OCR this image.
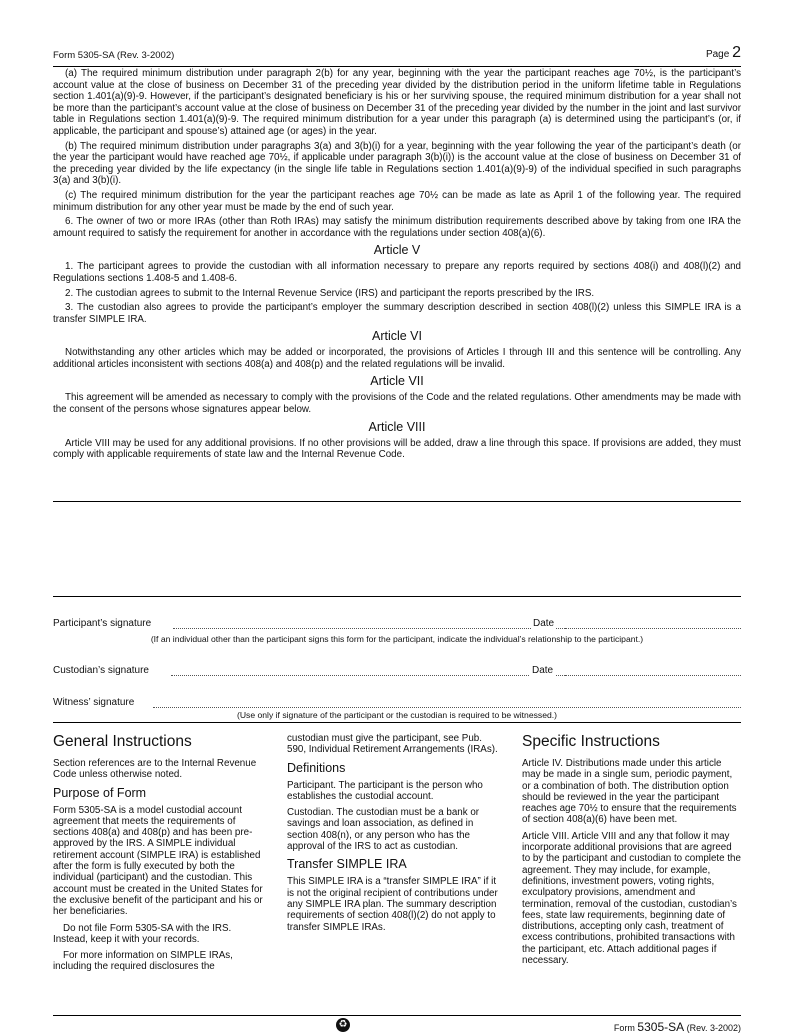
Form 5305-SA (Rev. 3-2002)	Page 2

(a) The required minimum distribution under paragraph 2(b) for any year, beginning with the year the participant reaches age 70½, is the participant’s account value at the close of business on December 31 of the preceding year divided by the distribution period in the uniform lifetime table in Regulations section 1.401(a)(9)-9. However, if the participant’s designated beneficiary is his or her surviving spouse, the required minimum distribution for a year shall not be more than the participant’s account value at the close of business on December 31 of the preceding year divided by the number in the joint and last survivor table in Regulations section 1.401(a)(9)-9. The required minimum distribution for a year under this paragraph (a) is determined using the participant’s (or, if applicable, the participant and spouse’s) attained age (or ages) in the year.

(b) The required minimum distribution under paragraphs 3(a) and 3(b)(i) for a year, beginning with the year following the year of the participant’s death (or the year the participant would have reached age 70½, if applicable under paragraph 3(b)(i)) is the account value at the close of business on December 31 of the preceding year divided by the life expectancy (in the single life table in Regulations section 1.401(a)(9)-9) of the individual specified in such paragraphs 3(a) and 3(b)(i).

(c) The required minimum distribution for the year the participant reaches age 70½ can be made as late as April 1 of the following year. The required minimum distribution for any other year must be made by the end of such year.

6. The owner of two or more IRAs (other than Roth IRAs) may satisfy the minimum distribution requirements described above by taking from one IRA the amount required to satisfy the requirement for another in accordance with the regulations under section 408(a)(6).

Article V

1. The participant agrees to provide the custodian with all information necessary to prepare any reports required by sections 408(i) and 408(l)(2) and Regulations sections 1.408-5 and 1.408-6.

2. The custodian agrees to submit to the Internal Revenue Service (IRS) and participant the reports prescribed by the IRS.

3. The custodian also agrees to provide the participant’s employer the summary description described in section 408(l)(2) unless this SIMPLE IRA is a transfer SIMPLE IRA.

Article VI

Notwithstanding any other articles which may be added or incorporated, the provisions of Articles I through III and this sentence will be controlling. Any additional articles inconsistent with sections 408(a) and 408(p) and the related regulations will be invalid.

Article VII

This agreement will be amended as necessary to comply with the provisions of the Code and the related regulations. Other amendments may be made with the consent of the persons whose signatures appear below.

Article VIII

Article VIII may be used for any additional provisions. If no other provisions will be added, draw a line through this space. If provisions are added, they must comply with applicable requirements of state law and the Internal Revenue Code.

Participant’s signature	Date
(If an individual other than the participant signs this form for the participant, indicate the individual’s relationship to the participant.)
Custodian’s signature	Date
Witness’ signature
(Use only if signature of the participant or the custodian is required to be witnessed.)
General Instructions

Section references are to the Internal Revenue Code unless otherwise noted.

Purpose of Form

Form 5305-SA is a model custodial account agreement that meets the requirements of sections 408(a) and 408(p) and has been pre-approved by the IRS. A SIMPLE individual retirement account (SIMPLE IRA) is established after the form is fully executed by both the individual (participant) and the custodian. This account must be created in the United States for the exclusive benefit of the participant and his or her beneficiaries.

Do not file Form 5305-SA with the IRS. Instead, keep it with your records.

For more information on SIMPLE IRAs, including the required disclosures the

custodian must give the participant, see Pub. 590, Individual Retirement Arrangements (IRAs).

Definitions

Participant. The participant is the person who establishes the custodial account.

Custodian. The custodian must be a bank or savings and loan association, as defined in section 408(n), or any person who has the approval of the IRS to act as custodian.

Transfer SIMPLE IRA

This SIMPLE IRA is a “transfer SIMPLE IRA” if it is not the original recipient of contributions under any SIMPLE IRA plan. The summary description requirements of section 408(l)(2) do not apply to transfer SIMPLE IRAs.

Specific Instructions

Article IV. Distributions made under this article may be made in a single sum, periodic payment, or a combination of both. The distribution option should be reviewed in the year the participant reaches age 70½ to ensure that the requirements of section 408(a)(6) have been met.

Article VIII. Article VIII and any that follow it may incorporate additional provisions that are agreed to by the participant and custodian to complete the agreement. They may include, for example, definitions, investment powers, voting rights, exculpatory provisions, amendment and termination, removal of the custodian, custodian’s fees, state law requirements, beginning date of distributions, accepting only cash, treatment of excess contributions, prohibited transactions with the participant, etc. Attach additional pages if necessary.

♻	Form 5305-SA (Rev. 3-2002)
